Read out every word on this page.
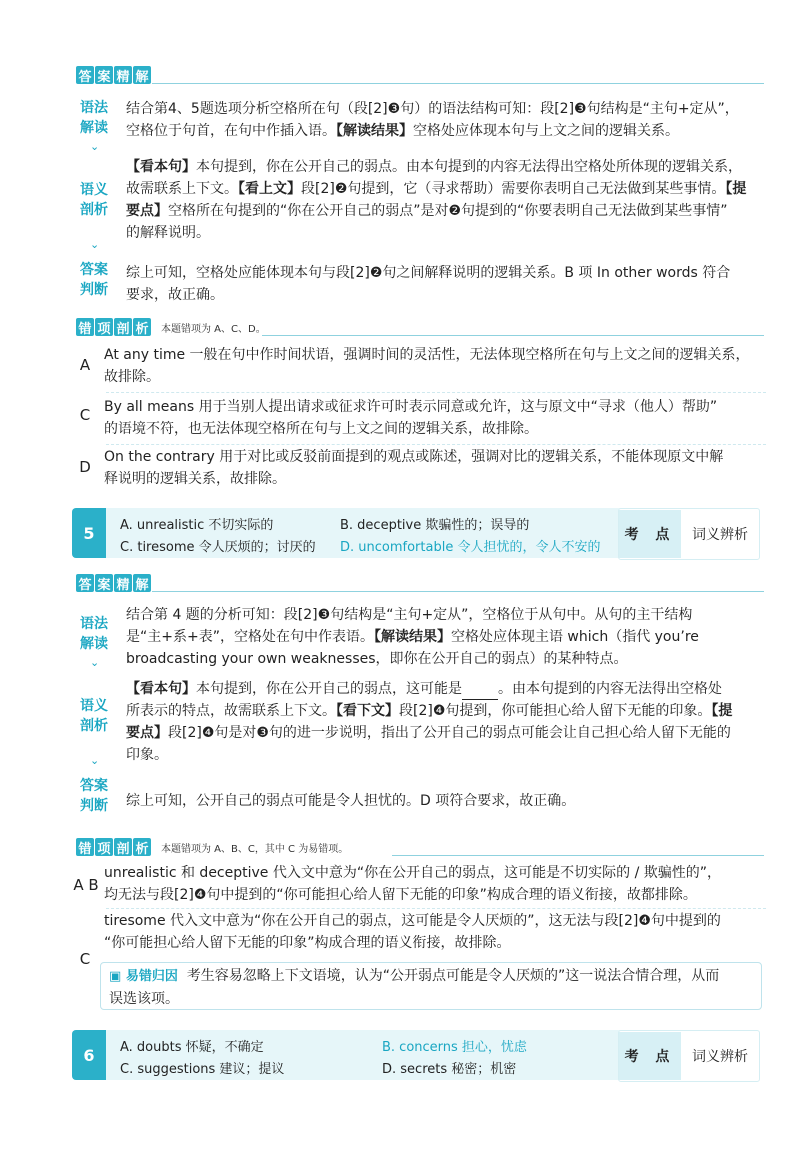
答 案 精 解
语法
解读
⌄
结合第4、5题选项分析空格所在句（段[2]❸句）的语法结构可知：段[2]❸句结构是“主句+定从”，
空格位于句首，在句中作插入语。【解读结果】空格处应体现本句与上文之间的逻辑关系。
语义
剖析
⌄
【看本句】本句提到，你在公开自己的弱点。由本句提到的内容无法得出空格处所体现的逻辑关系，
故需联系上下文。【看上文】段[2]❷句提到，它（寻求帮助）需要你表明自己无法做到某些事情。【提
要点】空格所在句提到的“你在公开自己的弱点”是对❷句提到的“你要表明自己无法做到某些事情”
的解释说明。
答案
判断
综上可知，空格处应能体现本句与段[2]❷句之间解释说明的逻辑关系。B 项 In other words 符合
要求，故正确。
错 项 剖 析 本题错项为 A、C、D。
A
At any time 一般在句中作时间状语，强调时间的灵活性，无法体现空格所在句与上文之间的逻辑关系，
故排除。
C By all means 用于当别人提出请求或征求许可时表示同意或允许，这与原文中“寻求（他人）帮助”
的语境不符，也无法体现空格所在句与上文之间的逻辑关系，故排除。
D
On the contrary 用于对比或反驳前面提到的观点或陈述，强调对比的逻辑关系，不能体现原文中解
释说明的逻辑关系，故排除。
5	A. unrealistic 不切实际的	B. deceptive 欺骗性的；误导的
C. tiresome 令人厌烦的；讨厌的 D. uncomfortable 令人担忧的，令人不安的
考 点	词义辨析
答 案 精 解
语法
解读
⌄
结合第 4 题的分析可知：段[2]❸句结构是“主句+定从”，空格位于从句中。从句的主干结构
是“主+系+表”，空格处在句中作表语。【解读结果】空格处应体现主语 which（指代 you’re
broadcasting your own weaknesses，即你在公开自己的弱点）的某种特点。
语义
剖析
⌄
【看本句】本句提到，你在公开自己的弱点，这可能是	。由本句提到的内容无法得出空格处
所表示的特点，故需联系上下文。【看下文】段[2]❹句提到，你可能担心给人留下无能的印象。【提
要点】段[2]❹句是对❸句的进一步说明，指出了公开自己的弱点可能会让自己担心给人留下无能的
印象。
答案
判断 综上可知，公开自己的弱点可能是令人担忧的。D 项符合要求，故正确。
错 项 剖 析 本题错项为 A、B、C，其中 C 为易错项。
A B
unrealistic 和 deceptive 代入文中意为“你在公开自己的弱点，这可能是不切实际的 / 欺骗性的”，
均无法与段[2]❹句中提到的“你可能担心给人留下无能的印象”构成合理的语义衔接，故都排除。
C
tiresome 代入文中意为“你在公开自己的弱点，这可能是令人厌烦的”，这无法与段[2]❹句中提到的
“你可能担心给人留下无能的印象”构成合理的语义衔接，故排除。
▣ 易错归因 考生容易忽略上下文语境，认为“公开弱点可能是令人厌烦的”这一说法合情合理，从而
误选该项。
6	A. doubts 怀疑，不确定	B. concerns 担心，忧虑
C. suggestions 建议；提议	D. secrets 秘密；机密
考 点	词义辨析
